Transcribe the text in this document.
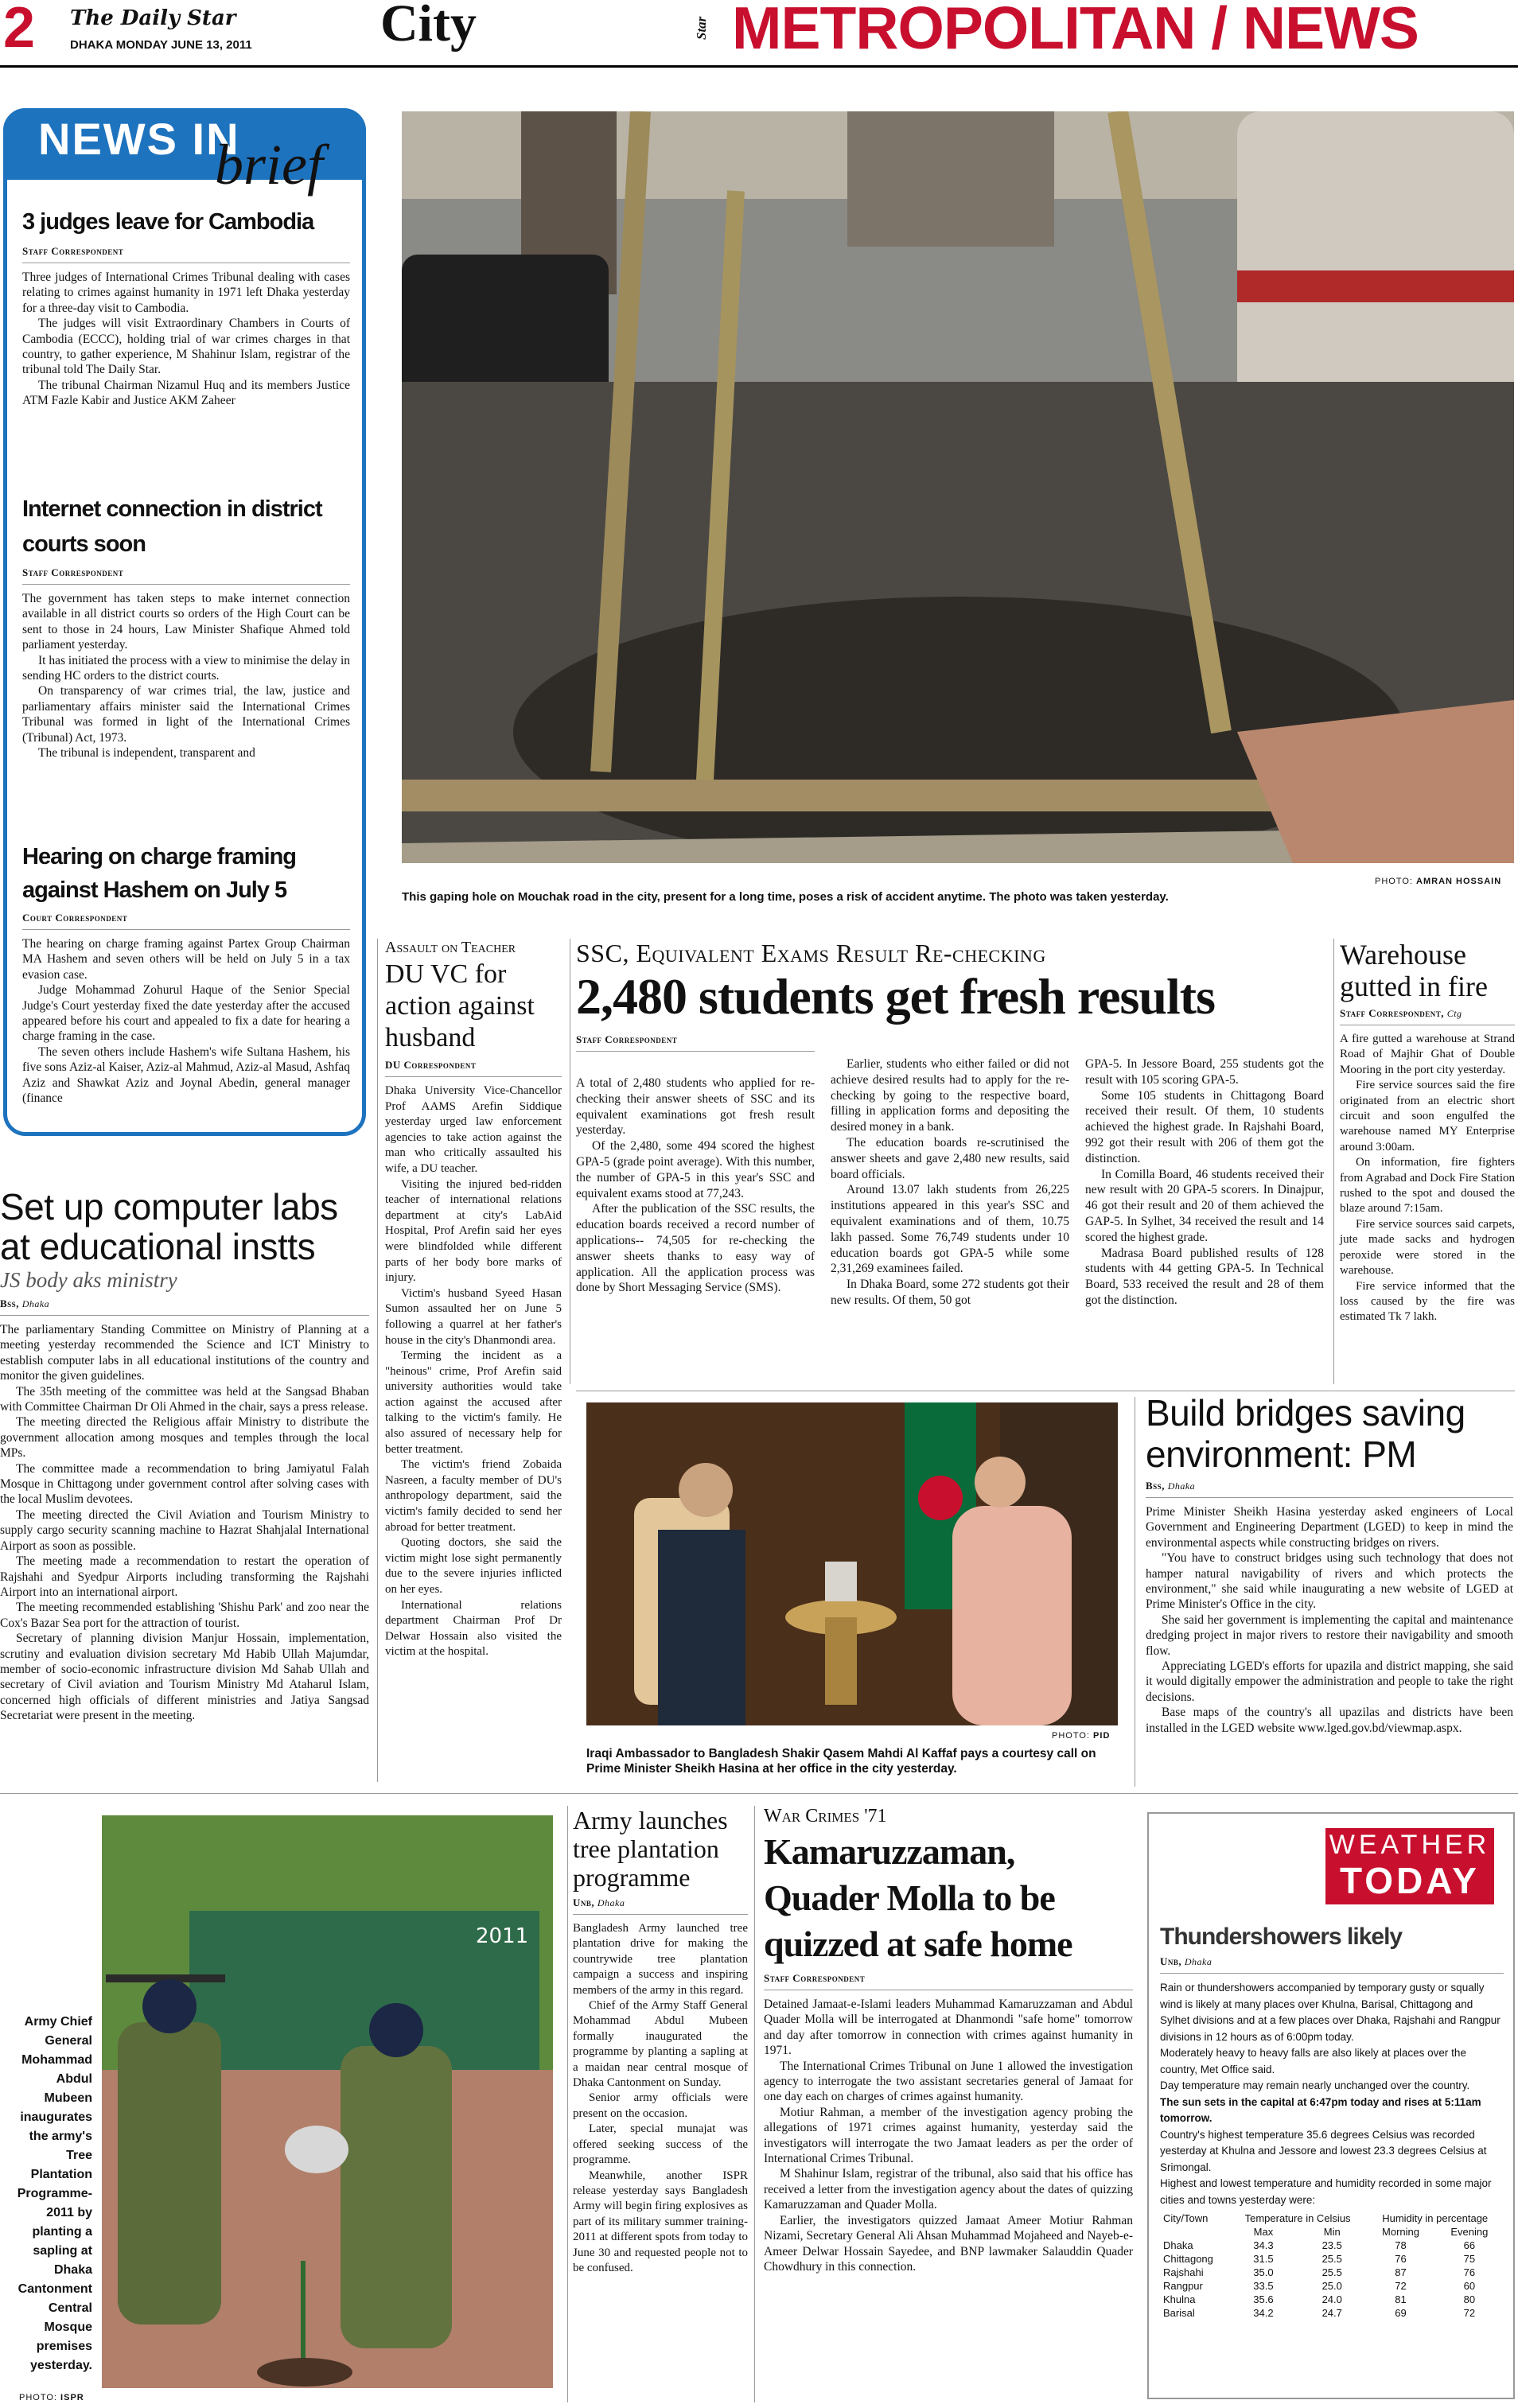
2 The Daily Star
DHAKA MONDAY JUNE 13, 2011 City	Star METROPOLITAN / NEWS
NEWS IN
brief
3 judges leave for Cambodia
Staff Correspondent

Three judges of International Crimes Tribunal dealing with cases relating to crimes against humanity in 1971 left Dhaka yesterday for a three-day visit to Cambodia.

The judges will visit Extraordinary Chambers in Courts of Cambodia (ECCC), holding trial of war crimes charges in that country, to gather experience, M Shahinur Islam, registrar of the tribunal told The Daily Star.

The tribunal Chairman Nizamul Huq and its members Justice ATM Fazle Kabir and Justice AKM Zaheer

Internet connection in district courts soon
Staff Correspondent

The government has taken steps to make internet connection available in all district courts so orders of the High Court can be sent to those in 24 hours, Law Minister Shafique Ahmed told parliament yesterday.

It has initiated the process with a view to minimise the delay in sending HC orders to the district courts.

On transparency of war crimes trial, the law, justice and parliamentary affairs minister said the International Crimes Tribunal was formed in light of the International Crimes (Tribunal) Act, 1973.

The tribunal is independent, transparent and

Hearing on charge framing against Hashem on July 5
Court Correspondent

The hearing on charge framing against Partex Group Chairman MA Hashem and seven others will be held on July 5 in a tax evasion case.

Judge Mohammad Zohurul Haque of the Senior Special Judge's Court yesterday fixed the date yesterday after the accused appeared before his court and appealed to fix a date for hearing a charge framing in the case.

The seven others include Hashem's wife Sultana Hashem, his five sons Aziz-al Kaiser, Aziz-al Mahmud, Aziz-al Masud, Ashfaq Aziz and Shawkat Aziz and Joynal Abedin, general manager (finance

This gaping hole on Mouchak road in the city, present for a long time, poses a risk of accident anytime. The photo was taken yesterday.
PHOTO: AMRAN HOSSAIN
Set up computer labs at educational instts
JS body aks ministry
Bss, Dhaka

The parliamentary Standing Committee on Ministry of Planning at a meeting yesterday recommended the Science and ICT Ministry to establish computer labs in all educational institutions of the country and monitor the given guidelines.

The 35th meeting of the committee was held at the Sangsad Bhaban with Committee Chairman Dr Oli Ahmed in the chair, says a press release.

The meeting directed the Religious affair Ministry to distribute the government allocation among mosques and temples through the local MPs.

The committee made a recommendation to bring Jamiyatul Falah Mosque in Chittagong under government control after solving cases with the local Muslim devotees.

The meeting directed the Civil Aviation and Tourism Ministry to supply cargo security scanning machine to Hazrat Shahjalal International Airport as soon as possible.

The meeting made a recommendation to restart the operation of Rajshahi and Syedpur Airports including transforming the Rajshahi Airport into an international airport.

The meeting recommended establishing 'Shishu Park' and zoo near the Cox's Bazar Sea port for the attraction of tourist.

Secretary of planning division Manjur Hossain, implementation, scrutiny and evaluation division secretary Md Habib Ullah Majumdar, member of socio-economic infrastructure division Md Sahab Ullah and secretary of Civil aviation and Tourism Ministry Md Ataharul Islam, concerned high officials of different ministries and Jatiya Sangsad Secretariat were present in the meeting.

Assault on Teacher
DU VC for action against husband
DU Correspondent

Dhaka University Vice-Chancellor Prof AAMS Arefin Siddique yesterday urged law enforcement agencies to take action against the man who critically assaulted his wife, a DU teacher.

Visiting the injured bed-ridden teacher of international relations department at city's LabAid Hospital, Prof Arefin said her eyes were blindfolded while different parts of her body bore marks of injury.

Victim's husband Syeed Hasan Sumon assaulted her on June 5 following a quarrel at her father's house in the city's Dhanmondi area.

Terming the incident as a "heinous" crime, Prof Arefin said university authorities would take action against the accused after talking to the victim's family. He also assured of necessary help for better treatment.

The victim's friend Zobaida Nasreen, a faculty member of DU's anthropology department, said the victim's family decided to send her abroad for better treatment.

Quoting doctors, she said the victim might lose sight permanently due to the severe injuries inflicted on her eyes.

International relations department Chairman Prof Dr Delwar Hossain also visited the victim at the hospital.

SSC, Equivalent Exams Result Re-checking
2,480 students get fresh results
Staff Correspondent

A total of 2,480 students who applied for re-checking their answer sheets of SSC and its equivalent examinations got fresh result yesterday.

Of the 2,480, some 494 scored the highest GPA-5 (grade point average). With this number, the number of GPA-5 in this year's SSC and equivalent exams stood at 77,243.

After the publication of the SSC results, the education boards received a record number of applications-- 74,505 for re-checking the answer sheets thanks to easy way of application. All the application process was done by Short Messaging Service (SMS).

Earlier, students who either failed or did not achieve desired results had to apply for the re-checking by going to the respective board, filling in application forms and depositing the desired money in a bank.

The education boards re-scrutinised the answer sheets and gave 2,480 new results, said board officials.

Around 13.07 lakh students from 26,225 institutions appeared in this year's SSC and equivalent examinations and of them, 10.75 lakh passed. Some 76,749 students under 10 education boards got GPA-5 while some 2,31,269 examinees failed.

In Dhaka Board, some 272 students got their new results. Of them, 50 got

GPA-5. In Jessore Board, 255 students got the result with 105 scoring GPA-5.

Some 105 students in Chittagong Board received their result. Of them, 10 students achieved the highest grade. In Rajshahi Board, 992 got their result with 206 of them got the distinction.

In Comilla Board, 46 students received their new result with 20 GPA-5 scorers. In Dinajpur, 46 got their result and 20 of them achieved the GAP-5. In Sylhet, 34 received the result and 14 scored the highest grade.

Madrasa Board published results of 128 students with 44 getting GPA-5. In Technical Board, 533 received the result and 28 of them got the distinction.

Warehouse gutted in fire
Staff Correspondent, Ctg

A fire gutted a warehouse at Strand Road of Majhir Ghat of Double Mooring in the port city yesterday.

Fire service sources said the fire originated from an electric short circuit and soon engulfed the warehouse named MY Enterprise around 3:00am.

On information, fire fighters from Agrabad and Dock Fire Station rushed to the spot and doused the blaze around 7:15am.

Fire service sources said carpets, jute made sacks and hydrogen peroxide were stored in the warehouse.

Fire service informed that the loss caused by the fire was estimated Tk 7 lakh.

PHOTO: PID
Iraqi Ambassador to Bangladesh Shakir Qasem Mahdi Al Kaffaf pays a courtesy call on Prime Minister Sheikh Hasina at her office in the city yesterday.
Build bridges saving environment: PM
Bss, Dhaka

Prime Minister Sheikh Hasina yesterday asked engineers of Local Government and Engineering Department (LGED) to keep in mind the environmental aspects while constructing bridges on rivers.

"You have to construct bridges using such technology that does not hamper natural navigability of rivers and which protects the environment," she said while inaugurating a new website of LGED at Prime Minister's Office in the city.

She said her government is implementing the capital and maintenance dredging project in major rivers to restore their navigability and smooth flow.

Appreciating LGED's efforts for upazila and district mapping, she said it would digitally empower the administration and people to take the right decisions.

Base maps of the country's all upazilas and districts have been installed in the LGED website www.lged.gov.bd/viewmap.aspx.

Army Chief General Mohammad Abdul Mubeen inaugurates the army's Tree Plantation Programme-2011 by planting a sapling at Dhaka Cantonment Central Mosque premises yesterday.
2011
PHOTO: ISPR
Army launches tree plantation programme
Unb, Dhaka

Bangladesh Army launched tree plantation drive for making the countrywide tree plantation campaign a success and inspiring members of the army in this regard.

Chief of the Army Staff General Mohammad Abdul Mubeen formally inaugurated the programme by planting a sapling at a maidan near central mosque of Dhaka Cantonment on Sunday.

Senior army officials were present on the occasion.

Later, special munajat was offered seeking success of the programme.

Meanwhile, another ISPR release yesterday says Bangladesh Army will begin firing explosives as part of its military summer training-2011 at different spots from today to June 30 and requested people not to be confused.

War Crimes '71
Kamaruzzaman, Quader Molla to be quizzed at safe home
Staff Correspondent

Detained Jamaat-e-Islami leaders Muhammad Kamaruzzaman and Abdul Quader Molla will be interrogated at Dhanmondi "safe home" tomorrow and day after tomorrow in connection with crimes against humanity in 1971.

The International Crimes Tribunal on June 1 allowed the investigation agency to interrogate the two assistant secretaries general of Jamaat for one day each on charges of crimes against humanity.

Motiur Rahman, a member of the investigation agency probing the allegations of 1971 crimes against humanity, yesterday said the investigators will interrogate the two Jamaat leaders as per the order of International Crimes Tribunal.

M Shahinur Islam, registrar of the tribunal, also said that his office has received a letter from the investigation agency about the dates of quizzing Kamaruzzaman and Quader Molla.

Earlier, the investigators quizzed Jamaat Ameer Motiur Rahman Nizami, Secretary General Ali Ahsan Muhammad Mojaheed and Nayeb-e-Ameer Delwar Hossain Sayedee, and BNP lawmaker Salauddin Quader Chowdhury in this connection.

WEATHER
TODAY
Thundershowers likely
Unb, Dhaka
Rain or thundershowers accompanied by temporary gusty or squally wind is likely at many places over Khulna, Barisal, Chittagong and Sylhet divisions and at a few places over Dhaka, Rajshahi and Rangpur divisions in 12 hours as of 6:00pm today.
Moderately heavy to heavy falls are also likely at places over the country, Met Office said.
Day temperature may remain nearly unchanged over the country.
The sun sets in the capital at 6:47pm today and rises at 5:11am tomorrow.
Country's highest temperature 35.6 degrees Celsius was recorded yesterday at Khulna and Jessore and lowest 23.3 degrees Celsius at Srimongal.
Highest and lowest temperature and humidity recorded in some major cities and towns yesterday were:
City/Town	Temperature in Celsius		Humidity in percentage	
	Max	Min	Morning	Evening
Dhaka	34.3	23.5	78	66
Chittagong	31.5	25.5	76	75
Rajshahi	35.0	25.5	87	76
Rangpur	33.5	25.0	72	60
Khulna	35.6	24.0	81	80
Barisal	34.2	24.7	69	72
